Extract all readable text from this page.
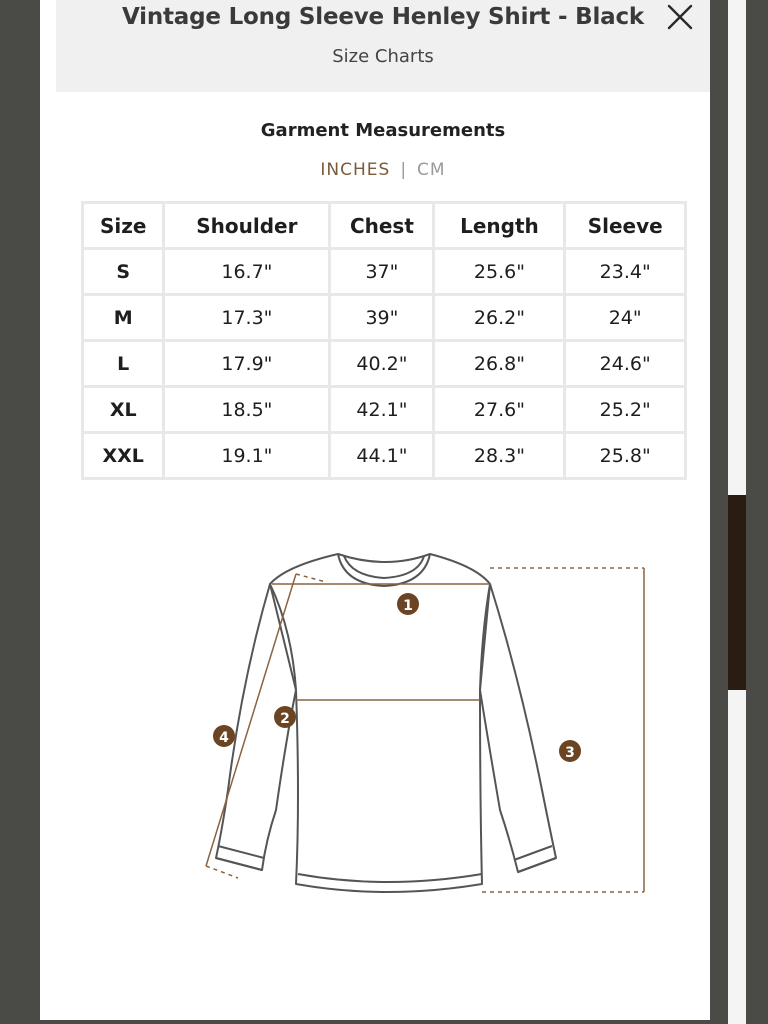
Vintage Long Sleeve Henley Shirt - Black
Size Charts
Garment Measurements
INCHES | CM
Size	Shoulder	Chest	Length	Sleeve
S	16.7"	37"	25.6"	23.4"
M	17.3"	39"	26.2"	24"
L	17.9"	40.2"	26.8"	24.6"
XL	18.5"	42.1"	27.6"	25.2"
XXL	19.1"	44.1"	28.3"	25.8"
1
2
3
4
